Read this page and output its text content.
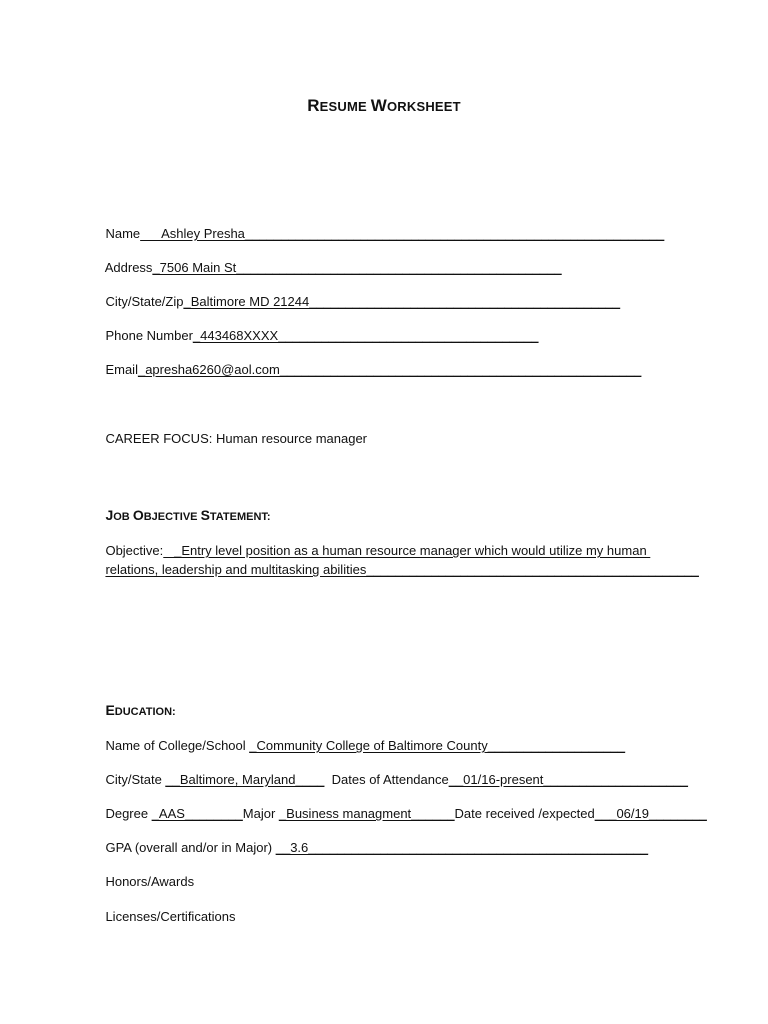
RESUME WORKSHEET

Name      Ashley Presha__________________________________________________________

Address_7506 Main St_____________________________________________

City/State/Zip_Baltimore MD 21244___________________________________________

Phone Number_443468XXXX____________________________________

Email_apresha6260@aol.com__________________________________________________

CAREER FOCUS: Human resource manager

JOB OBJECTIVE STATEMENT:

Objective:   _Entry level position as a human resource manager which would utilize my human

relations, leadership and multitasking abilities______________________________________________

EDUCATION:

Name of College/School _Community College of Baltimore County___________________

City/State __Baltimore, Maryland____  Dates of Attendance__01/16-present____________________

Degree _AAS________Major _Business managment______Date received /expected___06/19________

GPA (overall and/or in Major) __3.6_______________________________________________

Honors/Awards

Licenses/Certifications
